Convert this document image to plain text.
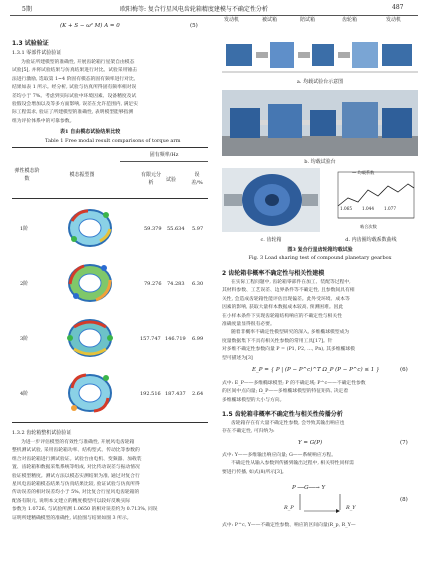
5期	欧阳梅等: 复合行星风电齿轮箱精度建模与不确定性分析	487
(K + S − ω² M) A = 0	(5)
1.3 试验验证
1.3.1 零部件试验验证
为验证所建模型的准确性, 开展齿轮箱行星架自由模态
试验[5], 并将试验结果与仿真结果进行对比。试验采用锤击
法进行激励, 选取第 1~4 阶固有模态的固有频率进行对比,
结果如表 1 所示。经分析, 试验与仿真所得固有频率相对误
差均小于 7%。考虑到实际试验中环境因素、设备精度及试
验假设会增加以及等多方面影响, 误差在允许范围内, 满足实
际工程需求, 验证了所建模型的准确性, 表明模型能够指测
组为评价体系中的可靠参数。
表1 自由模态试验结果比较
Table 1 Free modal result comparisons of torque arm
固有频率/Hz
弹性模态阶数
模态振型图	有限元分析	试验
误差/%
1阶	59.379 55.634 5.97
2阶	79.276 74.283 6.30
3阶	157.747 146.719 6.99
4阶	192.516 187.437 2.64
1.3.2 齿轮箱整机试验验证
为进一步评估模型的有效性与准确性, 开展风电齿轮箱
整机测试试验, 采用齿轮箱功率、结构型式、传动比等参数的
组合对齿轮箱进行测试验证。试验台由电机、变频器、加载装
置、齿轮箱和数据采集系统等组成, 对比传动误差与振动情况
验证模型精度。测试方法以模态实测结果为准, 通过对复合行
星风电齿轮箱模态结果与仿真结果比较, 验证试验与仿真所得
传动误差的相对误差均小于 5%, 对比复合行星风电齿轮箱的
配备有限元, 说明本文建立的精度模型可以较好反映实际
参数为 1.0726, 与试验所测 1.0650 的相对误差约为 0.713%, 同误
证明所建精确模型的准确性, 试验图与结果如图 3 所示。
发动机	被试箱	陪试箱	齿轮箱	发动机
a. 均载试验台示意图
b. 均载试验台
c. 齿轮箱
— 均载系数
1.065 1.044 1.077
啮合次数
d. 内齿圈均载系数曲线
图3 复合行星齿轮箱均载试验
Fig. 3 Load sharing test of compound planetary gearbox
2 齿轮箱非概率不确定性与相关性建模
在实际工程问题中, 齿轮箱零部件在加工、装配等过程中,
其材料参数、工艺误差、边界条件等不确定性, 且参数间具有相
关性, 会造成齿轮箱性能评估出现偏差。此外受环境、成本等
因素的影响, 获取大量样本数据成本较高, 预测困难。因此
在小样本条件下实现齿轮箱结构响应的不确定性与相关性
准确度量显得很有必要。
随着非概率不确定性模型研究的深入, 多维椭球模型成为
度量数据集下不具有相关性参数的常用工具[17]。针
对多维不确定性参数向量 P = (P1, P2, …, Pn), 其多维椭球模
型可描述为[3]
E_P = { P | (P − P^c)^T Ω_P (P − P^c) ≤ 1 }	(6)
式中: E_P——多维椭球模型; P 的不确定域; P^c——不确定性参数
的区间中点向量; Ω_P——多维椭球模型的特征矩阵, 决定着
多维椭球模型的大小与方向。
1.5 齿轮箱非概率不确定性与相关性传播分析
齿轮箱存在有大量不确定性参数, 会导致其输出响应也
存在不确定性, 可归纳为:
Y = G(P)	(7)
式中: Y——多维输出响应向量; G——系统响应方程。
不确定性从输入参数到传播到输出过程中, 相关特性同样需
要进行传播, 如式(8)所示[3]。
P ──G──→ Y
R_P	R_Y
(8)
式中: P^c, Y——不确定性参数、响应的区间向量(R_p, R_Y—
